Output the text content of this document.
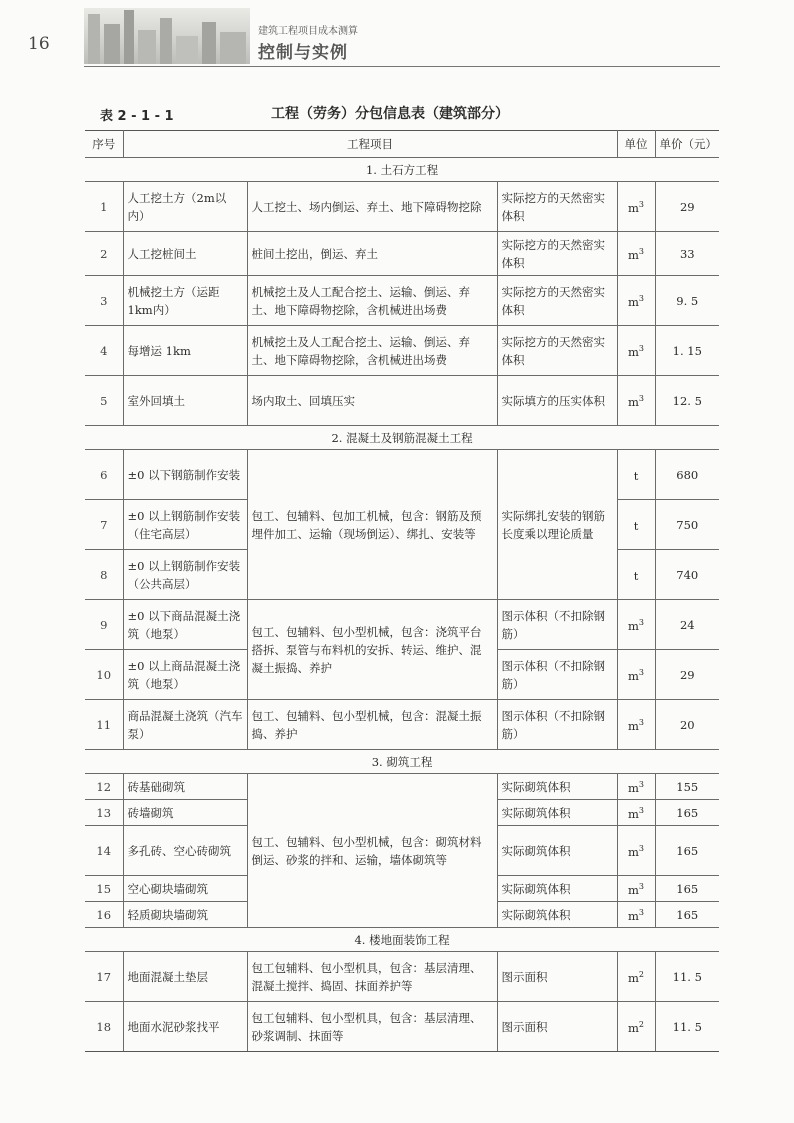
16
建筑工程项目成本测算
控制与实例
表 2 - 1 - 1	工程（劳务）分包信息表（建筑部分）
序号	工程项目			单位	单价（元）
1. 土石方工程					
1	人工挖土方（2m以内）	人工挖土、场内倒运、弃土、地下障碍物挖除	实际挖方的天然密实体积	$m^3$	29
2	人工挖桩间土	桩间土挖出，倒运、弃土	实际挖方的天然密实体积	$m^3$	33
3	机械挖土方（运距1km内）	机械挖土及人工配合挖土、运输、倒运、弃土、地下障碍物挖除，含机械进出场费	实际挖方的天然密实体积	$m^3$	9. 5
4	每增运 1km	机械挖土及人工配合挖土、运输、倒运、弃土、地下障碍物挖除，含机械进出场费	实际挖方的天然密实体积	$m^3$	1. 15
5	室外回填土	场内取土、回填压实	实际填方的压实体积	$m^3$	12. 5
2. 混凝土及钢筋混凝土工程					
6	±0 以下钢筋制作安装	包工、包辅料、包加工机械，包含：钢筋及预埋件加工、运输（现场倒运）、绑扎、安装等	实际绑扎安装的钢筋长度乘以理论质量	t	680
7	±0 以上钢筋制作安装（住宅高层）			t	750
8	±0 以上钢筋制作安装（公共高层）			t	740
9	±0 以下商品混凝土浇筑（地泵）	包工、包辅料、包小型机械，包含：浇筑平台搭拆、泵管与布料机的安拆、转运、维护、混凝土振捣、养护	图示体积（不扣除钢筋）	$m^3$	24
10	±0 以上商品混凝土浇筑（地泵）		图示体积（不扣除钢筋）	$m^3$	29
11	商品混凝土浇筑（汽车泵）	包工、包辅料、包小型机械，包含：混凝土振捣、养护	图示体积（不扣除钢筋）	$m^3$	20
3. 砌筑工程					
12	砖基础砌筑	包工、包辅料、包小型机械，包含：砌筑材料倒运、砂浆的拌和、运输，墙体砌筑等	实际砌筑体积	$m^3$	155
13	砖墙砌筑		实际砌筑体积	$m^3$	165
14	多孔砖、空心砖砌筑		实际砌筑体积	$m^3$	165
15	空心砌块墙砌筑		实际砌筑体积	$m^3$	165
16	轻质砌块墙砌筑		实际砌筑体积	$m^3$	165
4. 楼地面装饰工程					
17	地面混凝土垫层	包工包辅料、包小型机具，包含：基层清理、混凝土搅拌、捣固、抹面养护等	图示面积	$m^2$	11. 5
18	地面水泥砂浆找平	包工包辅料、包小型机具，包含：基层清理、砂浆调制、抹面等	图示面积	$m^2$	11. 5
